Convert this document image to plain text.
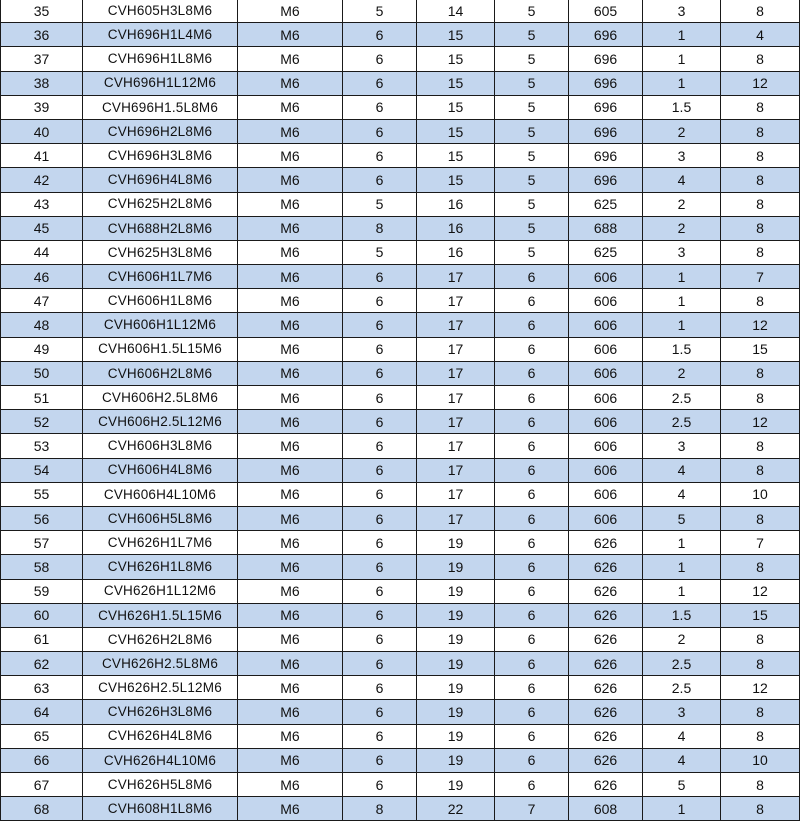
35	CVH605H3L8M6	M6	5	14	5	605	3	8
36	CVH696H1L4M6	M6	6	15	5	696	1	4
37	CVH696H1L8M6	M6	6	15	5	696	1	8
38	CVH696H1L12M6	M6	6	15	5	696	1	12
39	CVH696H1.5L8M6	M6	6	15	5	696	1.5	8
40	CVH696H2L8M6	M6	6	15	5	696	2	8
41	CVH696H3L8M6	M6	6	15	5	696	3	8
42	CVH696H4L8M6	M6	6	15	5	696	4	8
43	CVH625H2L8M6	M6	5	16	5	625	2	8
45	CVH688H2L8M6	M6	8	16	5	688	2	8
44	CVH625H3L8M6	M6	5	16	5	625	3	8
46	CVH606H1L7M6	M6	6	17	6	606	1	7
47	CVH606H1L8M6	M6	6	17	6	606	1	8
48	CVH606H1L12M6	M6	6	17	6	606	1	12
49	CVH606H1.5L15M6	M6	6	17	6	606	1.5	15
50	CVH606H2L8M6	M6	6	17	6	606	2	8
51	CVH606H2.5L8M6	M6	6	17	6	606	2.5	8
52	CVH606H2.5L12M6	M6	6	17	6	606	2.5	12
53	CVH606H3L8M6	M6	6	17	6	606	3	8
54	CVH606H4L8M6	M6	6	17	6	606	4	8
55	CVH606H4L10M6	M6	6	17	6	606	4	10
56	CVH606H5L8M6	M6	6	17	6	606	5	8
57	CVH626H1L7M6	M6	6	19	6	626	1	7
58	CVH626H1L8M6	M6	6	19	6	626	1	8
59	CVH626H1L12M6	M6	6	19	6	626	1	12
60	CVH626H1.5L15M6	M6	6	19	6	626	1.5	15
61	CVH626H2L8M6	M6	6	19	6	626	2	8
62	CVH626H2.5L8M6	M6	6	19	6	626	2.5	8
63	CVH626H2.5L12M6	M6	6	19	6	626	2.5	12
64	CVH626H3L8M6	M6	6	19	6	626	3	8
65	CVH626H4L8M6	M6	6	19	6	626	4	8
66	CVH626H4L10M6	M6	6	19	6	626	4	10
67	CVH626H5L8M6	M6	6	19	6	626	5	8
68	CVH608H1L8M6	M6	8	22	7	608	1	8
